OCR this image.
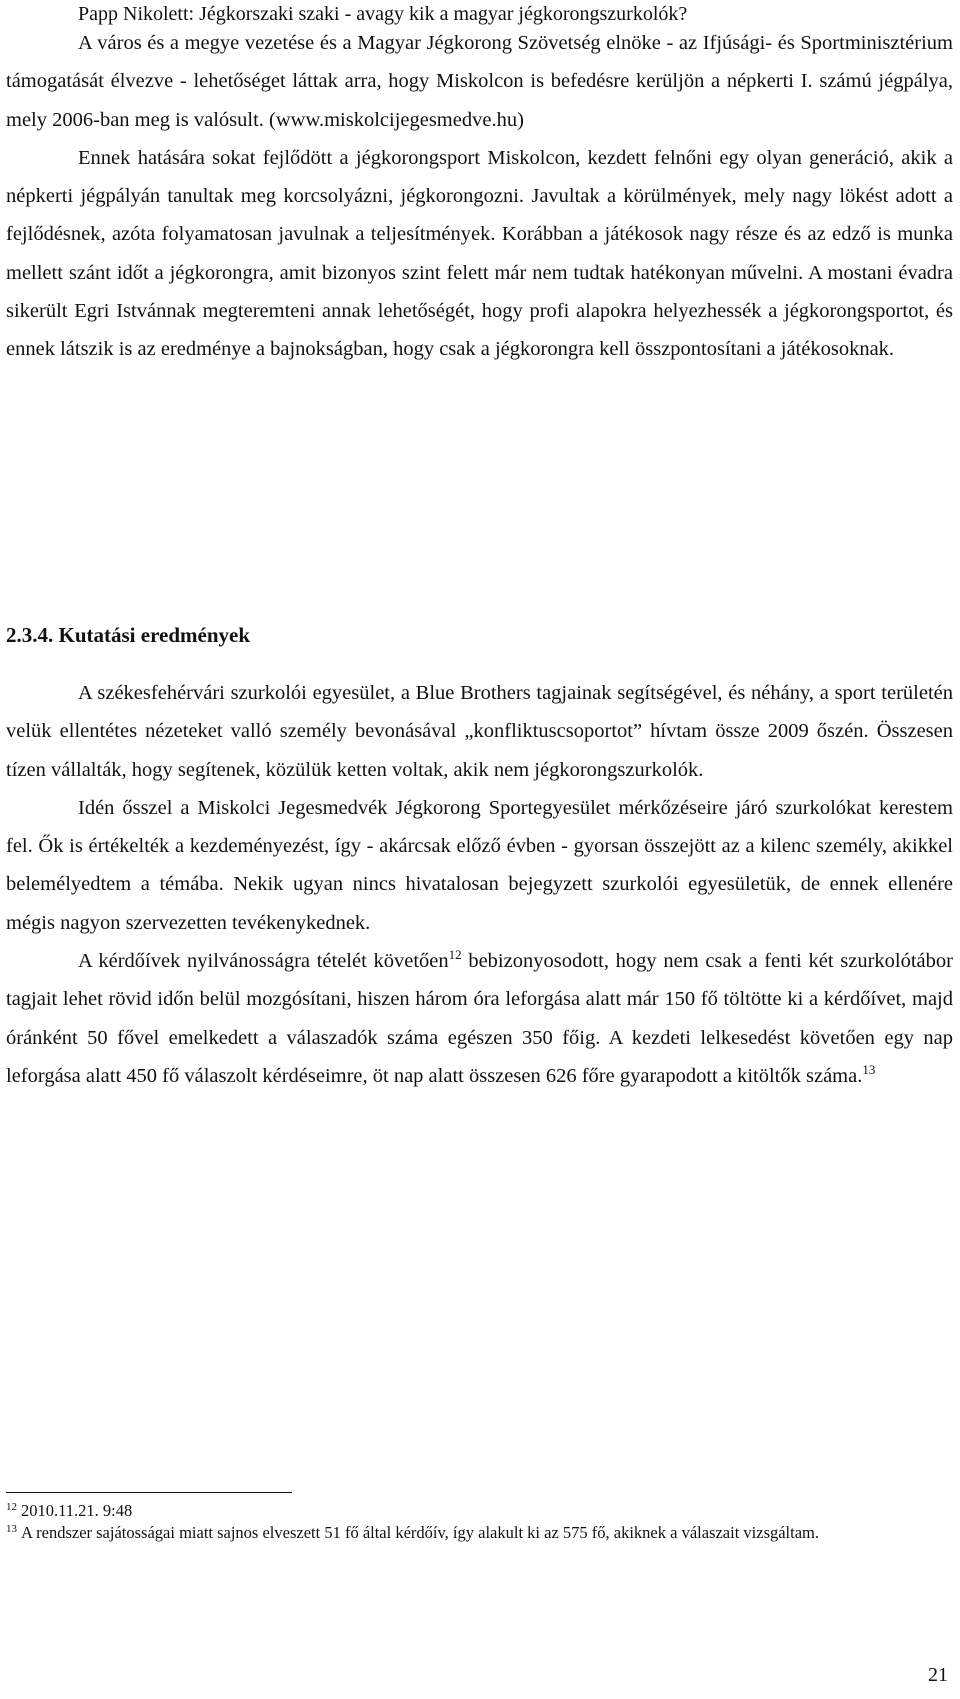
Papp Nikolett: Jégkorszaki szaki - avagy kik a magyar jégkorongszurkolók?

A város és a megye vezetése és a Magyar Jégkorong Szövetség elnöke - az Ifjúsági- és Sportminisztérium támogatását élvezve - lehetőséget láttak arra, hogy Miskolcon is befedésre kerüljön a népkerti I. számú jégpálya, mely 2006-ban meg is valósult. (www.miskolcijegesmedve.hu)

Ennek hatására sokat fejlődött a jégkorongsport Miskolcon, kezdett felnőni egy olyan generáció, akik a népkerti jégpályán tanultak meg korcsolyázni, jégkorongozni. Javultak a körülmények, mely nagy lökést adott a fejlődésnek, azóta folyamatosan javulnak a teljesítmények. Korábban a játékosok nagy része és az edző is munka mellett szánt időt a jégkorongra, amit bizonyos szint felett már nem tudtak hatékonyan művelni. A mostani évadra sikerült Egri Istvánnak megteremteni annak lehetőségét, hogy profi alapokra helyezhessék a jégkorongsportot, és ennek látszik is az eredménye a bajnokságban, hogy csak a jégkorongra kell összpontosítani a játékosoknak.

2.3.4. Kutatási eredmények

A székesfehérvári szurkolói egyesület, a Blue Brothers tagjainak segítségével, és néhány, a sport területén velük ellentétes nézeteket valló személy bevonásával „konfliktuscsoportot” hívtam össze 2009 őszén. Összesen tízen vállalták, hogy segítenek, közülük ketten voltak, akik nem jégkorongszurkolók.

Idén ősszel a Miskolci Jegesmedvék Jégkorong Sportegyesület mérkőzéseire járó szurkolókat kerestem fel. Ők is értékelték a kezdeményezést, így - akárcsak előző évben - gyorsan összejött az a kilenc személy, akikkel belemélyedtem a témába. Nekik ugyan nincs hivatalosan bejegyzett szurkolói egyesületük, de ennek ellenére mégis nagyon szervezetten tevékenykednek.

A kérdőívek nyilvánosságra tételét követően$^{12}$ bebizonyosodott, hogy nem csak a fenti két szurkolótábor tagjait lehet rövid időn belül mozgósítani, hiszen három óra leforgása alatt már 150 fő töltötte ki a kérdőívet, majd óránként 50 fővel emelkedett a válaszadók száma egészen 350 főig. A kezdeti lelkesedést követően egy nap leforgása alatt 450 fő válaszolt kérdéseimre, öt nap alatt összesen 626 főre gyarapodott a kitöltők száma.$^{13}$

$^{12}$ 2010.11.21. 9:48

$^{13}$ A rendszer sajátosságai miatt sajnos elveszett 51 fő által kérdőív, így alakult ki az 575 fő, akiknek a válaszait vizsgáltam.

21
